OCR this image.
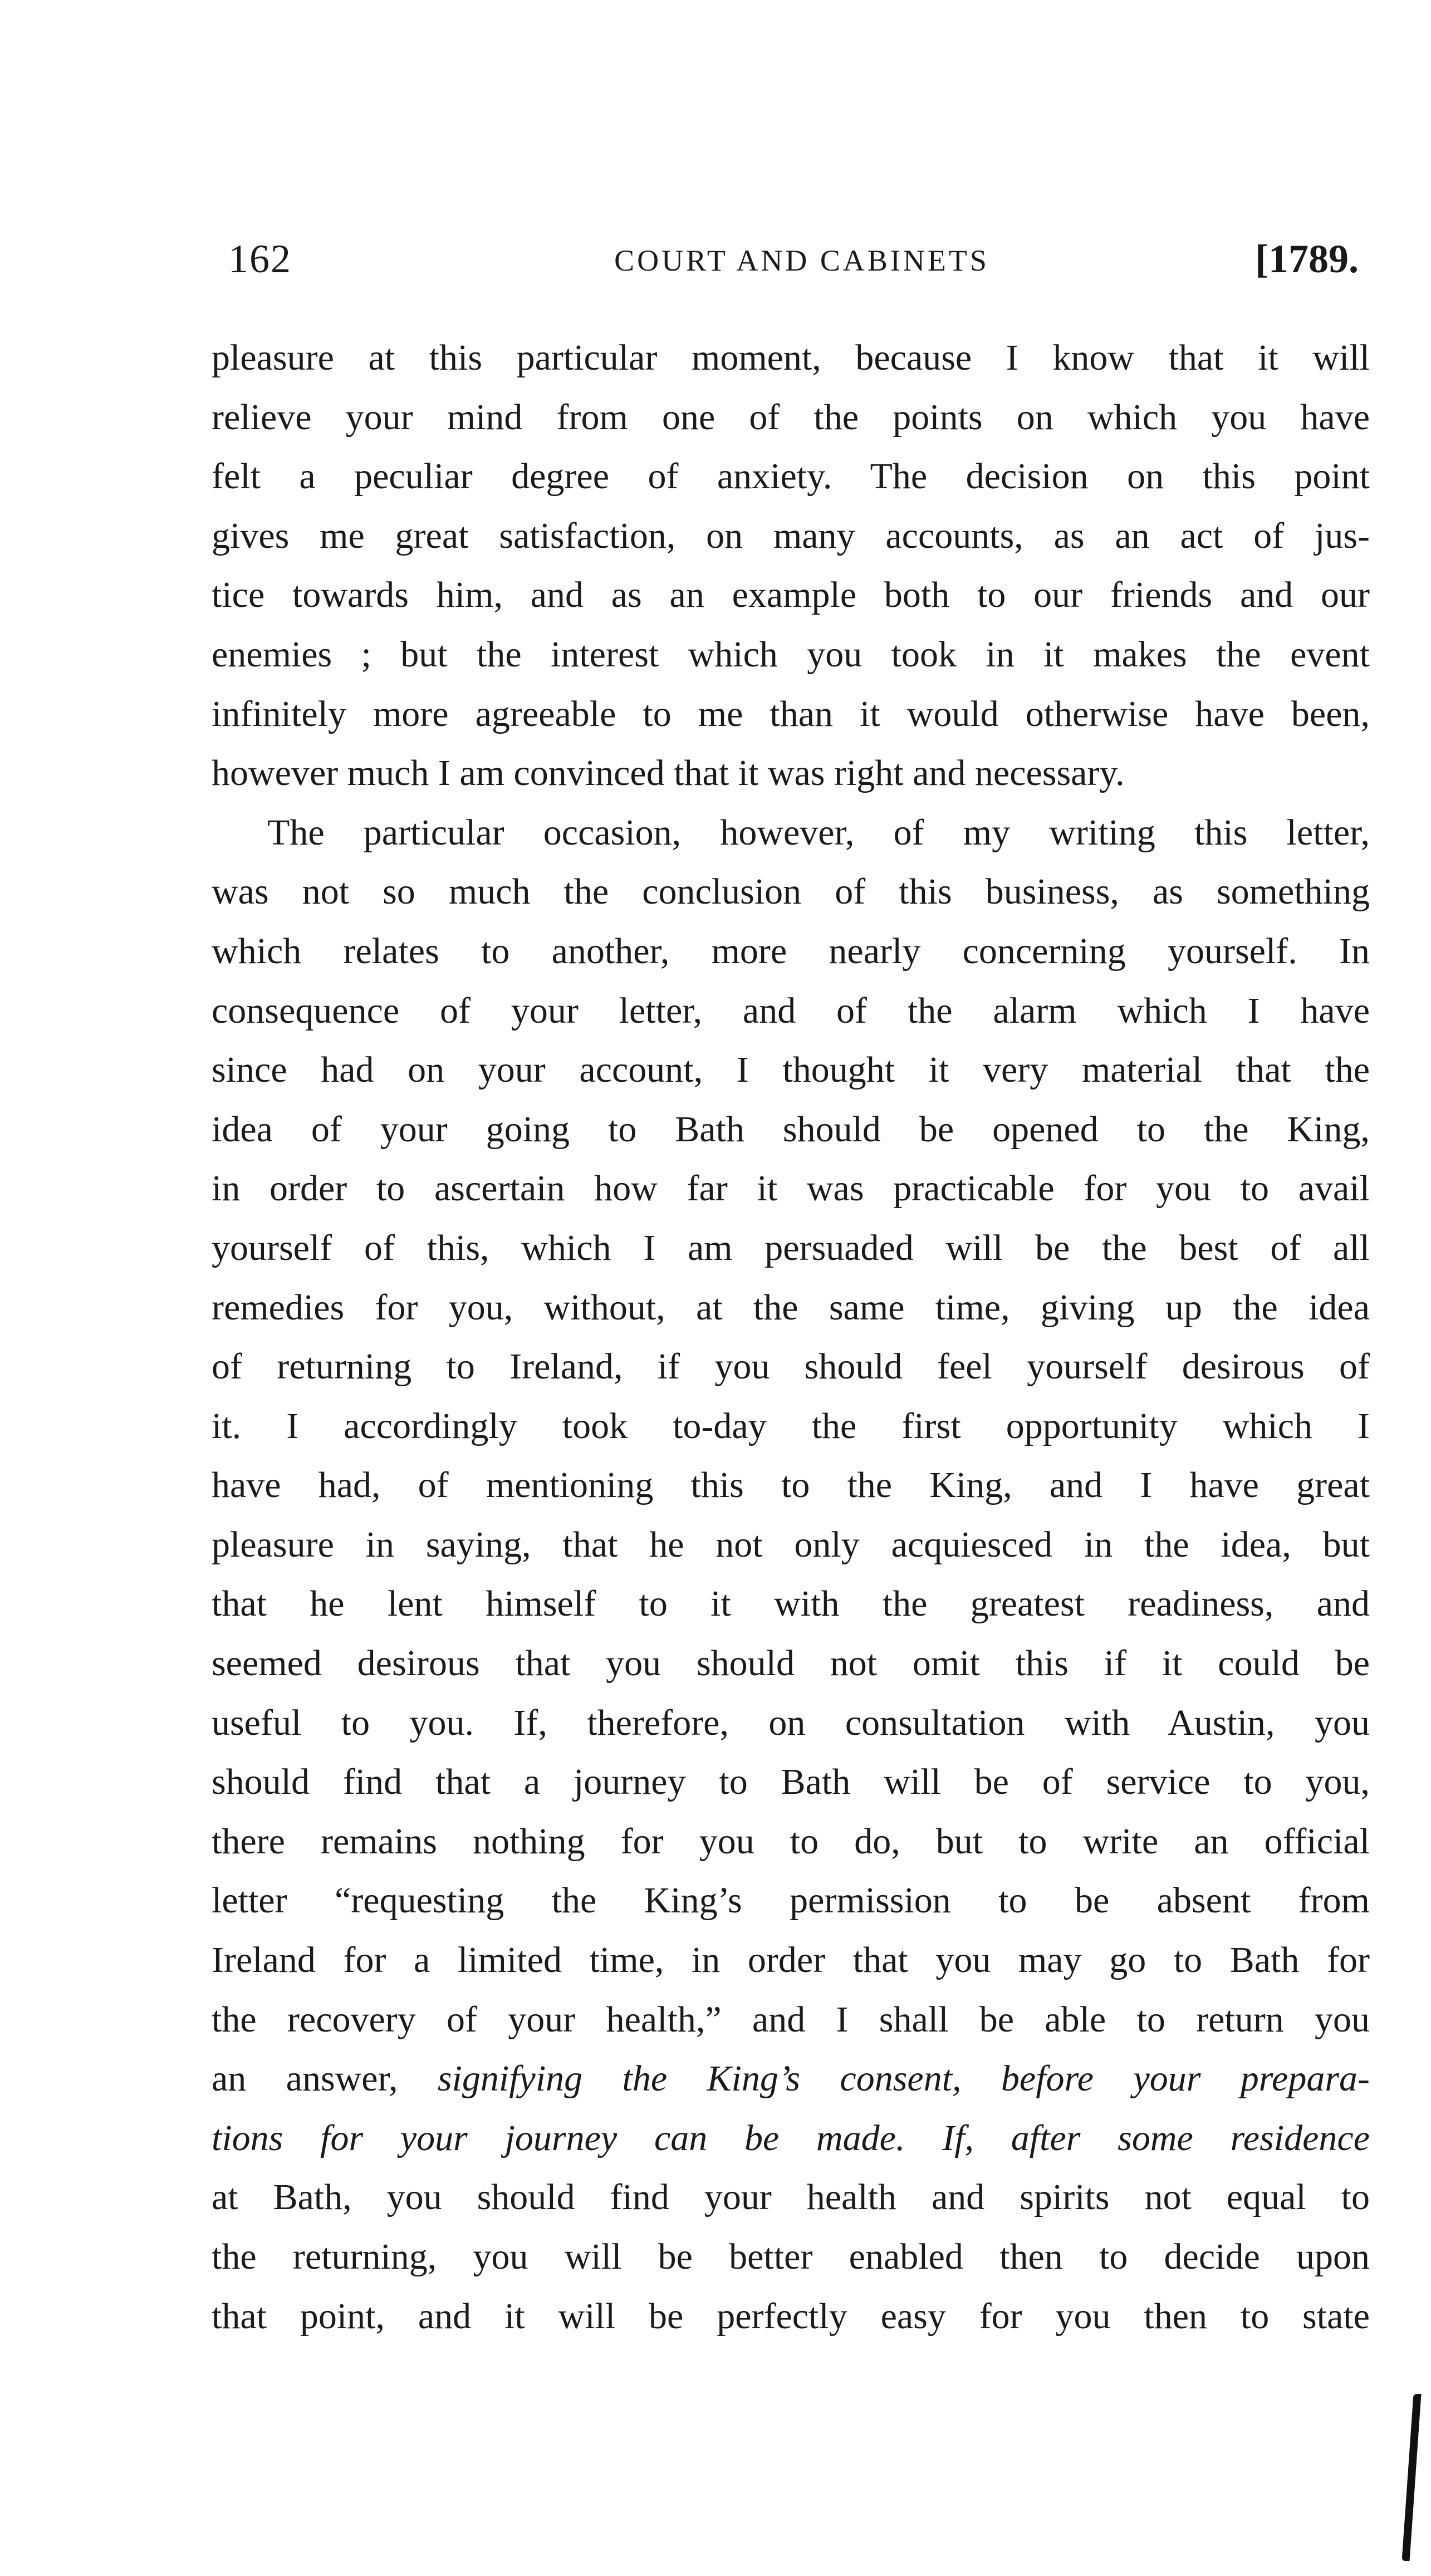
162	COURT AND CABINETS	[1789.
pleasure at this particular moment, because I know that it will
relieve your mind from one of the points on which you have
felt a peculiar degree of anxiety. The decision on this point
gives me great satisfaction, on many accounts, as an act of jus-
tice towards him, and as an example both to our friends and our
enemies ; but the interest which you took in it makes the event
infinitely more agreeable to me than it would otherwise have been,
however much I am convinced that it was right and necessary.
The particular occasion, however, of my writing this letter,
was not so much the conclusion of this business, as something
which relates to another, more nearly concerning yourself. In
consequence of your letter, and of the alarm which I have
since had on your account, I thought it very material that the
idea of your going to Bath should be opened to the King,
in order to ascertain how far it was practicable for you to avail
yourself of this, which I am persuaded will be the best of all
remedies for you, without, at the same time, giving up the idea
of returning to Ireland, if you should feel yourself desirous of
it. I accordingly took to-day the first opportunity which I
have had, of mentioning this to the King, and I have great
pleasure in saying, that he not only acquiesced in the idea, but
that he lent himself to it with the greatest readiness, and
seemed desirous that you should not omit this if it could be
useful to you. If, therefore, on consultation with Austin, you
should find that a journey to Bath will be of service to you,
there remains nothing for you to do, but to write an official
letter “requesting the King’s permission to be absent from
Ireland for a limited time, in order that you may go to Bath for
the recovery of your health,” and I shall be able to return you
an answer, signifying the King’s consent, before your prepara-
tions for your journey can be made. If, after some residence
at Bath, you should find your health and spirits not equal to
the returning, you will be better enabled then to decide upon
that point, and it will be perfectly easy for you then to state
